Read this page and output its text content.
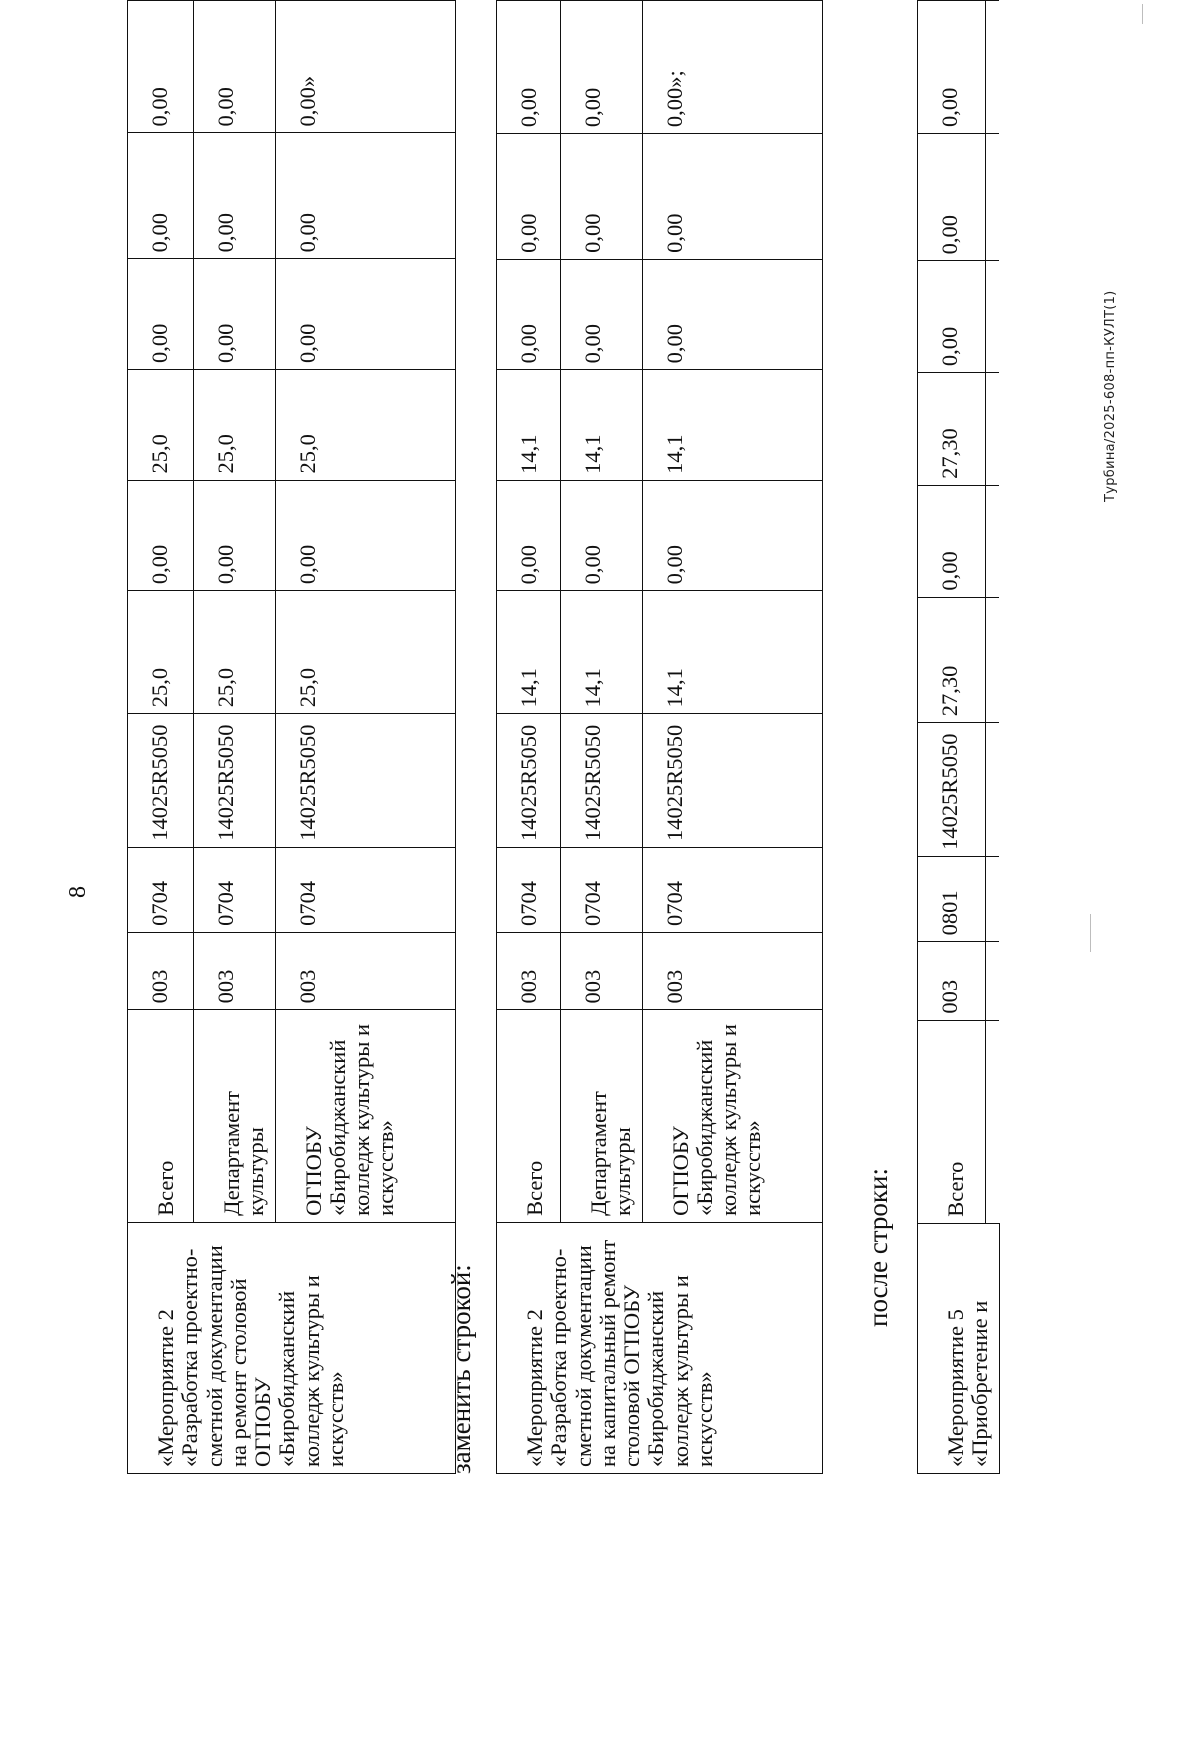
8
«Мероприятие 2 «Разработка проектно-сметной документации на ремонт столовой ОГПОБУ «Биробиджанский колледж культуры и искусств»	Всего	003	0704	14025R5050	25,0	0,00	25,0	0,00	0,00	0,00
	Департамент культуры	003	0704	14025R5050	25,0	0,00	25,0	0,00	0,00	0,00
	ОГПОБУ «Биробиджанский колледж культуры и искусств»	003	0704	14025R5050	25,0	0,00	25,0	0,00	0,00	0,00»
заменить строкой: «Мероприятие 2 «Разработка проектно-сметной документации на капитальный ремонт столовой ОГПОБУ «Биробиджанский колледж культуры и искусств»	Всего	003	0704	14025R5050	14,1	0,00	14,1	0,00	0,00	0,00
	Департамент культуры	003	0704	14025R5050	14,1	0,00	14,1	0,00	0,00	0,00
	ОГПОБУ «Биробиджанский колледж культуры и искусств»	003	0704	14025R5050	14,1	0,00	14,1	0,00	0,00	0,00»;
после строки:
«Мероприятие 5 «Приобретение и	Всего	003	0801	14025R5050	27,30	0,00	27,30	0,00	0,00	0,00

Турбина/2025-608-пп-КУЛТ(1)
